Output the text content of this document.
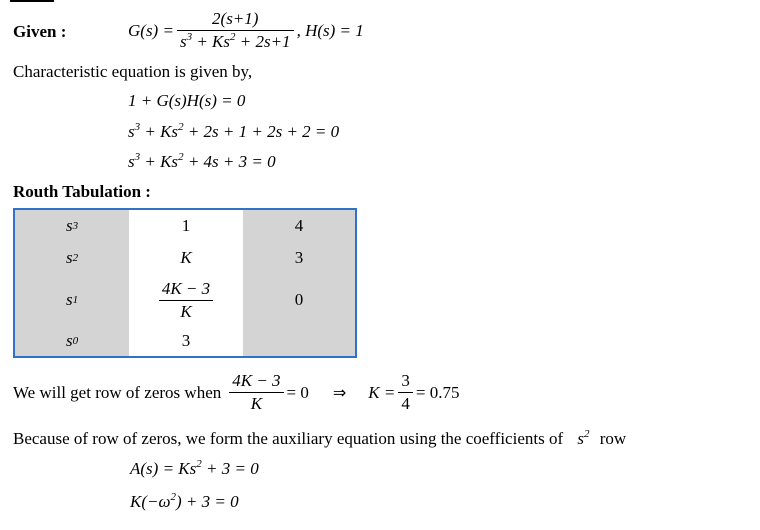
Given :	$G(s) = \frac{2(s+1)}{s^3 + Ks^2 + 2s+1}$ , H(s) = 1
Characteristic equation is given by,
1 + G(s)H(s) = 0
$s^3 + Ks^2 + 2s + 1 + 2s + 2 = 0$
$s^3 + Ks^2 + 4s + 3 = 0$
Routh Tabulation :
s 3	1	4
s 2	K	3
s 1	$\frac{4K - 3}{K}$	0
s 0	3
We will get row of zeros when $\frac{4K - 3}{K} = 0$ ⇒ $K = \frac{3}{4} = 0.75$
Because of row of zeros, we form the auxiliary equation using the coefficients of $s^2$ row
$A(s) = Ks^2 + 3 = 0$
$K(-\omega^2) + 3 = 0$
